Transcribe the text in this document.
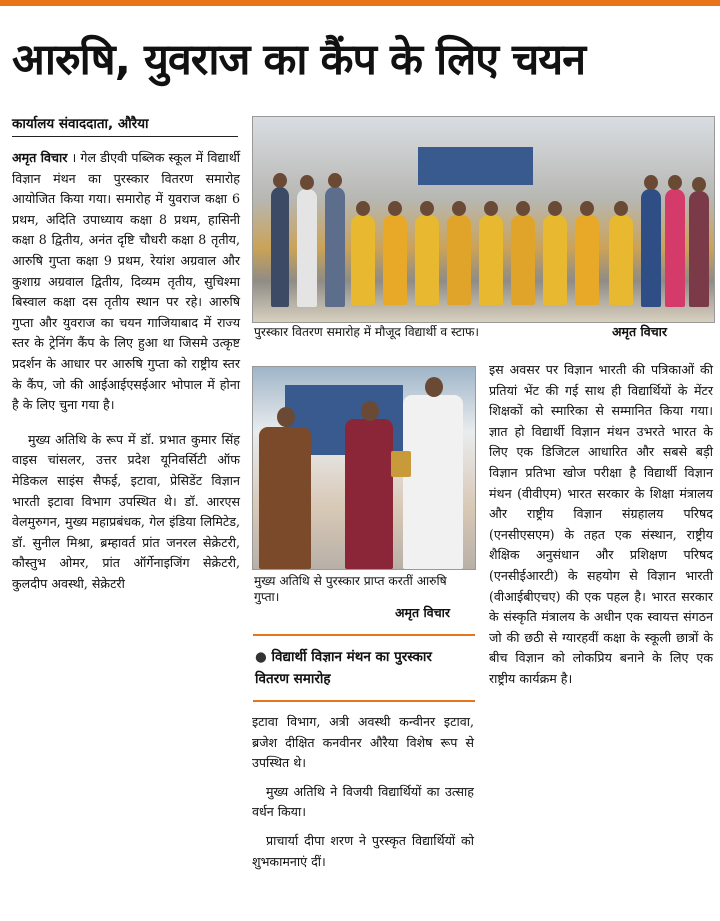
आरुषि, युवराज का कैंप के लिए चयन
कार्यालय संवाददाता, औरैया

अमृत विचार । गेल डीएवी पब्लिक स्कूल में विद्यार्थी विज्ञान मंथन का पुरस्कार वितरण समारोह आयोजित किया गया। समारोह में युवराज कक्षा 6 प्रथम, अदिति उपाध्याय कक्षा 8 प्रथम, हासिनी कक्षा 8 द्वितीय, अनंत दृष्टि चौधरी कक्षा 8 तृतीय, आरुषि गुप्ता कक्षा 9 प्रथम, रेयांश अग्रवाल और कुशाग्र अग्रवाल द्वितीय, दिव्यम तृतीय, सुचिश्मा बिस्वाल कक्षा दस तृतीय स्थान पर रहे। आरुषि गुप्ता और युवराज का चयन गाजियाबाद में राज्य स्तर के ट्रेनिंग कैंप के लिए हुआ था जिसमे उत्कृष्ट प्रदर्शन के आधार पर आरुषि गुप्ता को राष्ट्रीय स्तर के कैंप, जो की आईआईएसईआर भोपाल में होना है के लिए चुना गया है।

मुख्य अतिथि के रूप में डॉ. प्रभात कुमार सिंह वाइस चांसलर, उत्तर प्रदेश यूनिवर्सिटी ऑफ मेडिकल साइंस सैफई, इटावा, प्रेसिडेंट विज्ञान भारती इटावा विभाग उपस्थित थे। डॉ. आरएस वेलमुरुगन, मुख्य महाप्रबंधक, गेल इंडिया लिमिटेड, डॉ. सुनील मिश्रा, ब्रम्हावर्त प्रांत जनरल सेक्रेटरी, कौस्तुभ ओमर, प्रांत ऑर्गेनाइजिंग सेक्रेटरी, कुलदीप अवस्थी, सेक्रेटरी

पुरस्कार वितरण समारोह में मौजूद विद्यार्थी व स्टाफ।	अमृत विचार
मुख्य अतिथि से पुरस्कार प्राप्त करतीं आरुषि गुप्ता।
अमृत विचार
● विद्यार्थी विज्ञान मंथन का पुरस्कार वितरण समारोह

इटावा विभाग, अत्री अवस्थी कन्वीनर इटावा, ब्रजेश दीक्षित कनवीनर औरैया विशेष रूप से उपस्थित थे।

मुख्य अतिथि ने विजयी विद्यार्थियों का उत्साह वर्धन किया।

प्राचार्या दीपा शरण ने पुरस्कृत विद्यार्थियों को शुभकामनाएं दीं।

इस अवसर पर विज्ञान भारती की पत्रिकाओं की प्रतियां भेंट की गई साथ ही विद्यार्थियों के मेंटर शिक्षकों को स्मारिका से सम्मानित किया गया। ज्ञात हो विद्यार्थी विज्ञान मंथन उभरते भारत के लिए एक डिजिटल आधारित और सबसे बड़ी विज्ञान प्रतिभा खोज परीक्षा है विद्यार्थी विज्ञान मंथन (वीवीएम) भारत सरकार के शिक्षा मंत्रालय और राष्ट्रीय विज्ञान संग्रहालय परिषद (एनसीएसएम) के तहत एक संस्थान, राष्ट्रीय शैक्षिक अनुसंधान और प्रशिक्षण परिषद (एनसीईआरटी) के सहयोग से विज्ञान भारती (वीआईबीएचए) की एक पहल है। भारत सरकार के संस्कृति मंत्रालय के अधीन एक स्वायत्त संगठन जो की छठी से ग्यारहवीं कक्षा के स्कूली छात्रों के बीच विज्ञान को लोकप्रिय बनाने के लिए एक राष्ट्रीय कार्यक्रम है।
